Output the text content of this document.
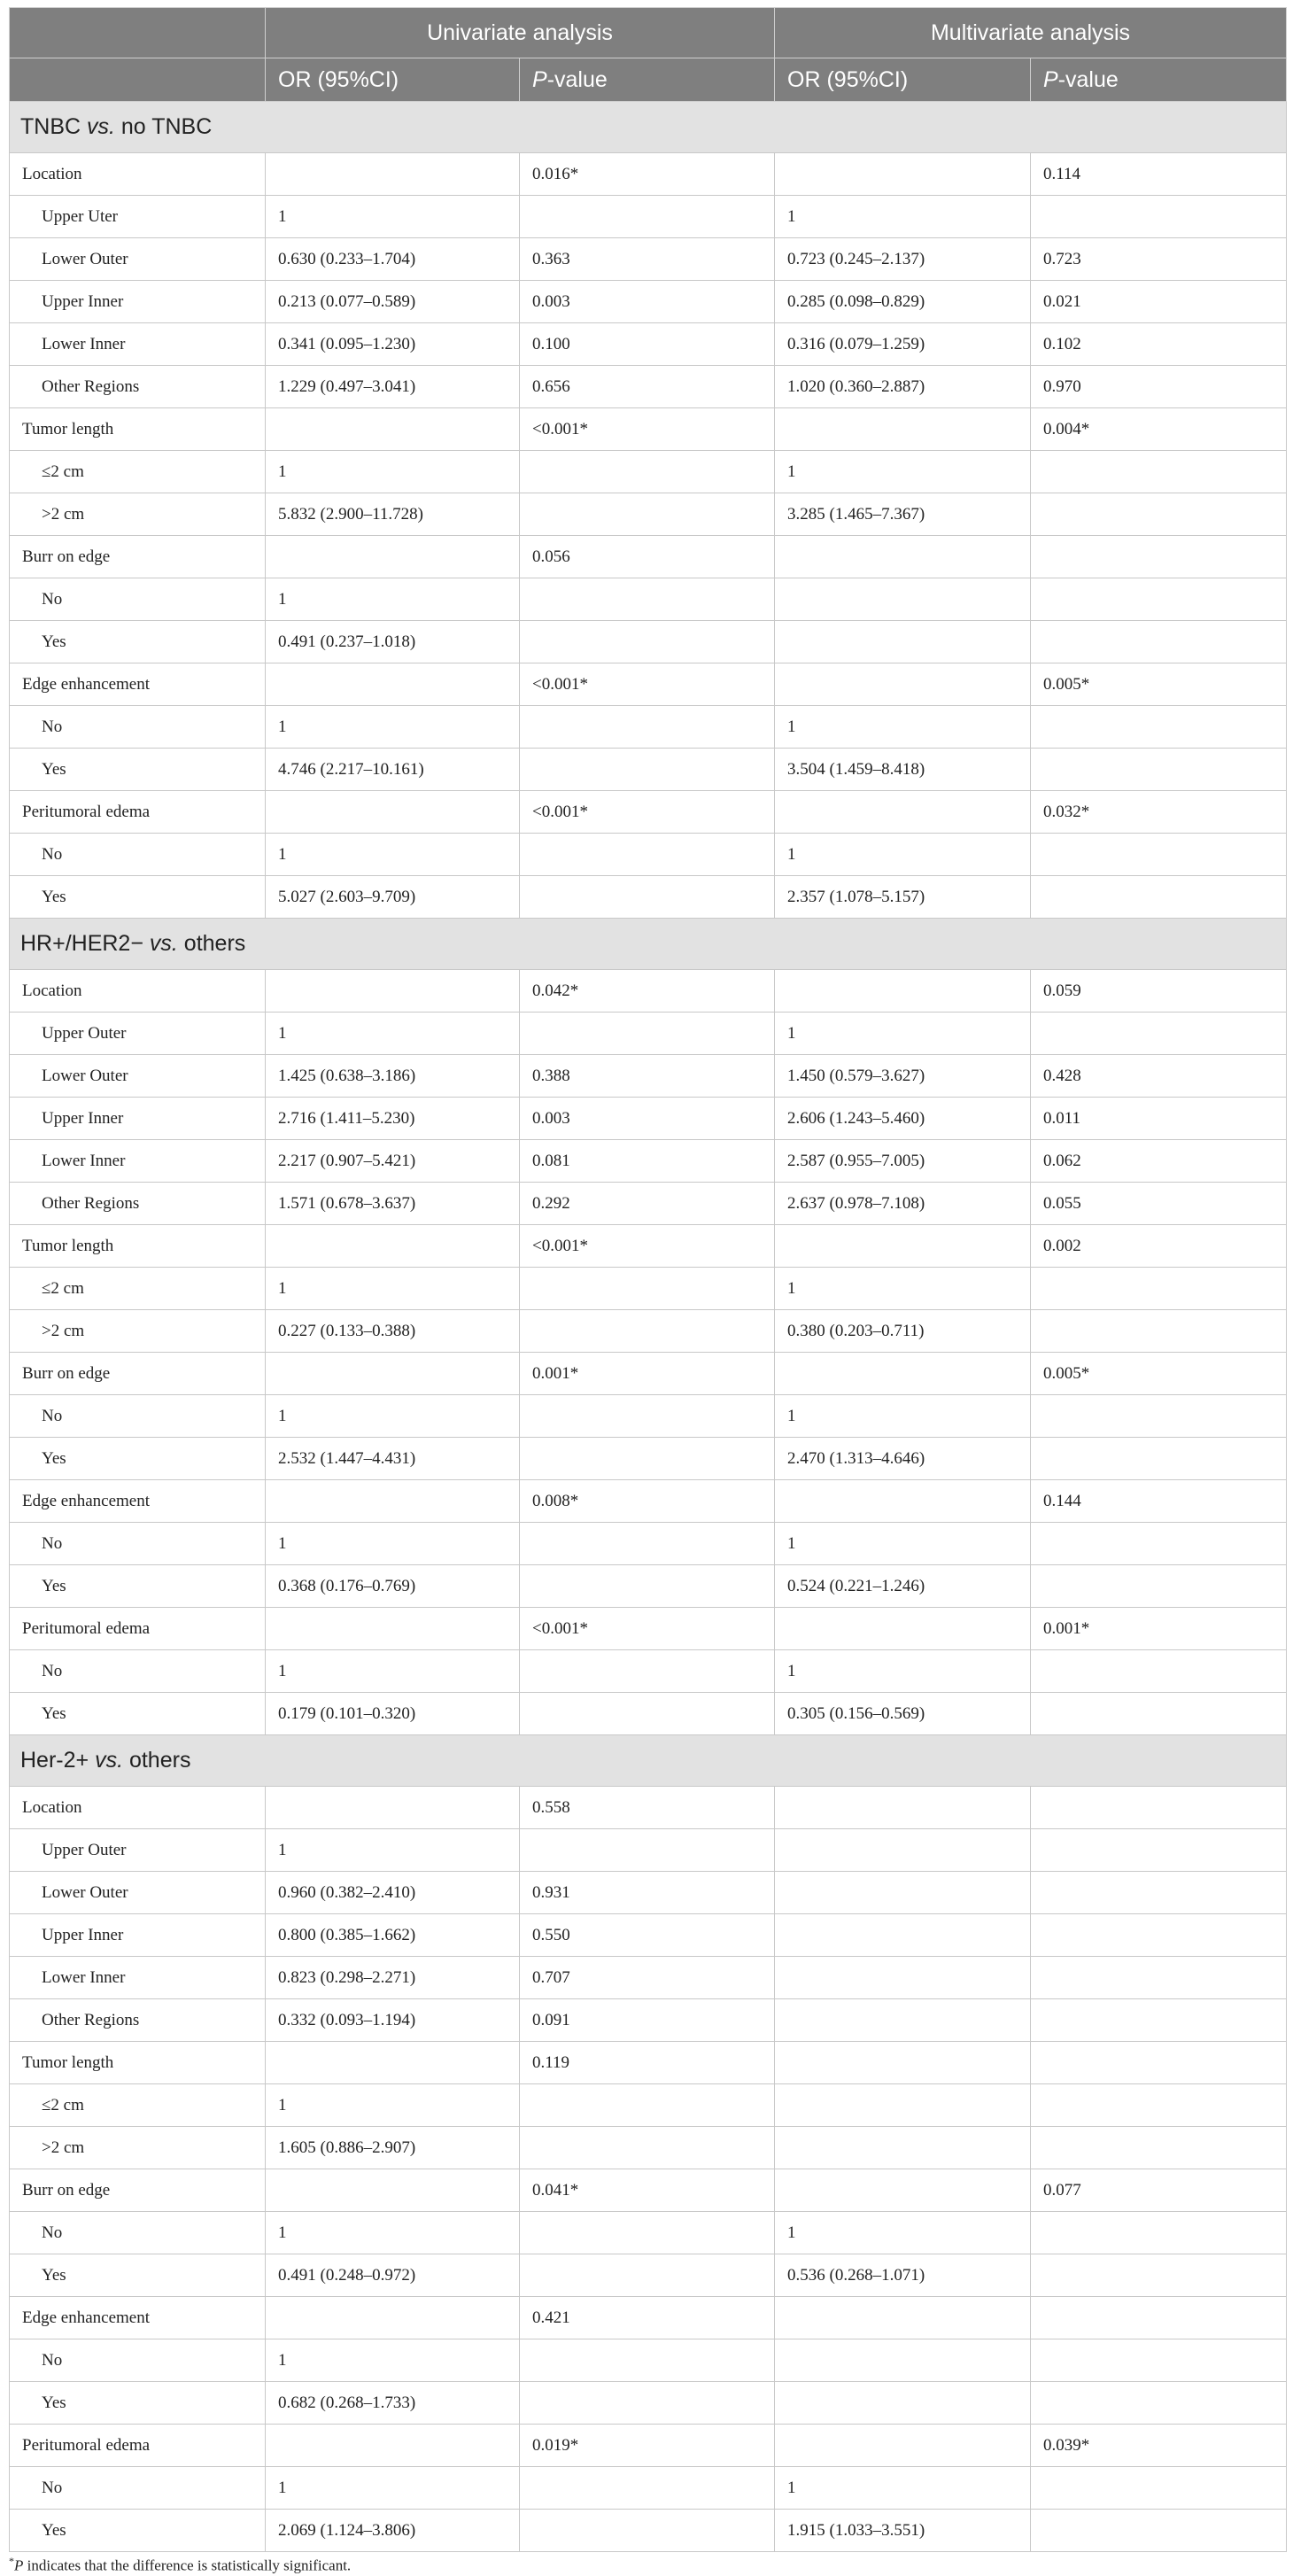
	Univariate analysis		Multivariate analysis	
	OR (95%CI)	P-value	OR (95%CI)	P-value
TNBC vs. no TNBC				
Location		0.016*		0.114
Upper Uter	1		1	
Lower Outer	0.630 (0.233–1.704)	0.363	0.723 (0.245–2.137)	0.723
Upper Inner	0.213 (0.077–0.589)	0.003	0.285 (0.098–0.829)	0.021
Lower Inner	0.341 (0.095–1.230)	0.100	0.316 (0.079–1.259)	0.102
Other Regions	1.229 (0.497–3.041)	0.656	1.020 (0.360–2.887)	0.970
Tumor length		<0.001*		0.004*
≤2 cm	1		1	
>2 cm	5.832 (2.900–11.728)		3.285 (1.465–7.367)	
Burr on edge		0.056		
No	1			
Yes	0.491 (0.237–1.018)			
Edge enhancement		<0.001*		0.005*
No	1		1	
Yes	4.746 (2.217–10.161)		3.504 (1.459–8.418)	
Peritumoral edema		<0.001*		0.032*
No	1		1	
Yes	5.027 (2.603–9.709)		2.357 (1.078–5.157)	
HR+/HER2− vs. others				
Location		0.042*		0.059
Upper Outer	1		1	
Lower Outer	1.425 (0.638–3.186)	0.388	1.450 (0.579–3.627)	0.428
Upper Inner	2.716 (1.411–5.230)	0.003	2.606 (1.243–5.460)	0.011
Lower Inner	2.217 (0.907–5.421)	0.081	2.587 (0.955–7.005)	0.062
Other Regions	1.571 (0.678–3.637)	0.292	2.637 (0.978–7.108)	0.055
Tumor length		<0.001*		0.002
≤2 cm	1		1	
>2 cm	0.227 (0.133–0.388)		0.380 (0.203–0.711)	
Burr on edge		0.001*		0.005*
No	1		1	
Yes	2.532 (1.447–4.431)		2.470 (1.313–4.646)	
Edge enhancement		0.008*		0.144
No	1		1	
Yes	0.368 (0.176–0.769)		0.524 (0.221–1.246)	
Peritumoral edema		<0.001*		0.001*
No	1		1	
Yes	0.179 (0.101–0.320)		0.305 (0.156–0.569)	
Her-2+ vs. others				
Location		0.558		
Upper Outer	1			
Lower Outer	0.960 (0.382–2.410)	0.931		
Upper Inner	0.800 (0.385–1.662)	0.550		
Lower Inner	0.823 (0.298–2.271)	0.707		
Other Regions	0.332 (0.093–1.194)	0.091		
Tumor length		0.119		
≤2 cm	1			
>2 cm	1.605 (0.886–2.907)			
Burr on edge		0.041*		0.077
No	1		1	
Yes	0.491 (0.248–0.972)		0.536 (0.268–1.071)	
Edge enhancement		0.421		
No	1			
Yes	0.682 (0.268–1.733)			
Peritumoral edema		0.019*		0.039*
No	1		1	
Yes	2.069 (1.124–3.806)		1.915 (1.033–3.551)	
*P indicates that the difference is statistically significant.
